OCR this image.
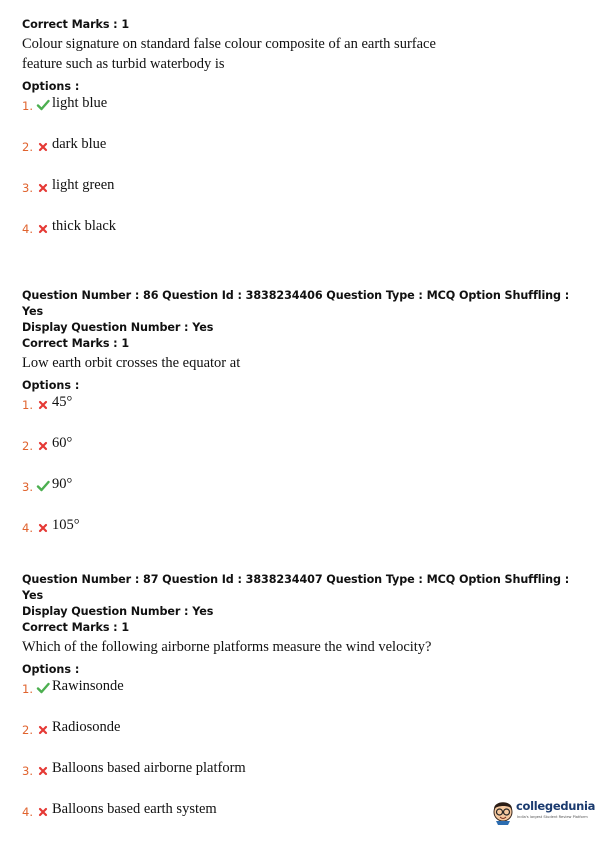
Correct Marks : 1
Colour signature on standard false colour composite of an earth surface feature such as turbid waterbody is
Options :
1. light blue
2. dark blue
3. light green
4. thick black
Question Number : 86 Question Id : 3838234406 Question Type : MCQ Option Shuffling : Yes
Display Question Number : Yes
Correct Marks : 1
Low earth orbit crosses the equator at
Options :
1. 45°
2. 60°
3. 90°
4. 105°
Question Number : 87 Question Id : 3838234407 Question Type : MCQ Option Shuffling : Yes
Display Question Number : Yes
Correct Marks : 1
Which of the following airborne platforms measure the wind velocity?
Options :
1. Rawinsonde
2. Radiosonde
3. Balloons based airborne platform
4. Balloons based earth system	collegedunia
India's largest Student Review Platform
